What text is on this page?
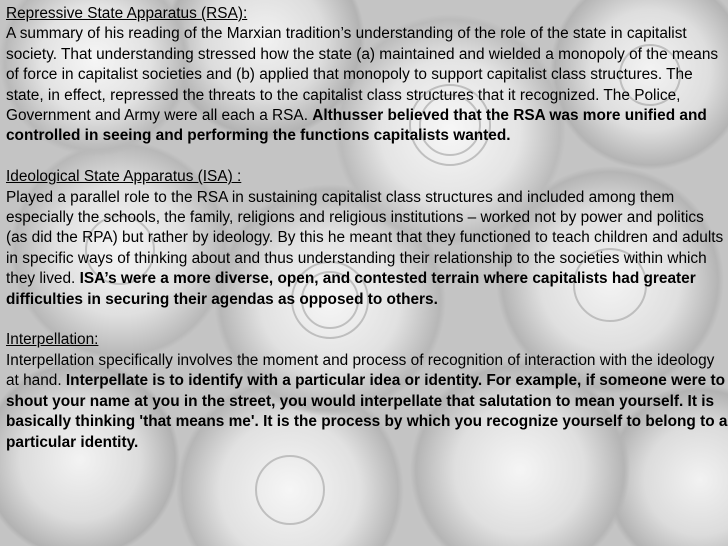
Repressive State Apparatus (RSA):

A summary of his reading of the Marxian tradition’s understanding of the role of the state in capitalist society. That understanding stressed how the state (a) maintained and wielded a monopoly of the means of force in capitalist societies and (b) applied that monopoly to support capitalist class structures. The state, in effect, repressed the threats to the capitalist class structures that it recognized. The Police, Government and Army were all each a RSA. Althusser believed that the RSA was more unified and controlled in seeing and performing the functions capitalists wanted.

Ideological State Apparatus (ISA) :

Played a parallel role to the RSA in sustaining capitalist class structures and included among them especially the schools, the family, religions and religious institutions – worked not by power and politics (as did the RPA) but rather by ideology. By this he meant that they functioned to teach children and adults in specific ways of thinking about and thus understanding their relationship to the societies within which they lived. ISA’s were a more diverse, open, and contested terrain where capitalists had greater difficulties in securing their agendas as opposed to others.

Interpellation:

Interpellation specifically involves the moment and process of recognition of interaction with the ideology at hand. Interpellate is to identify with a particular idea or identity. For example, if someone were to shout your name at you in the street, you would interpellate that salutation to mean yourself. It is basically thinking 'that means me'. It is the process by which you recognize yourself to belong to a particular identity.
